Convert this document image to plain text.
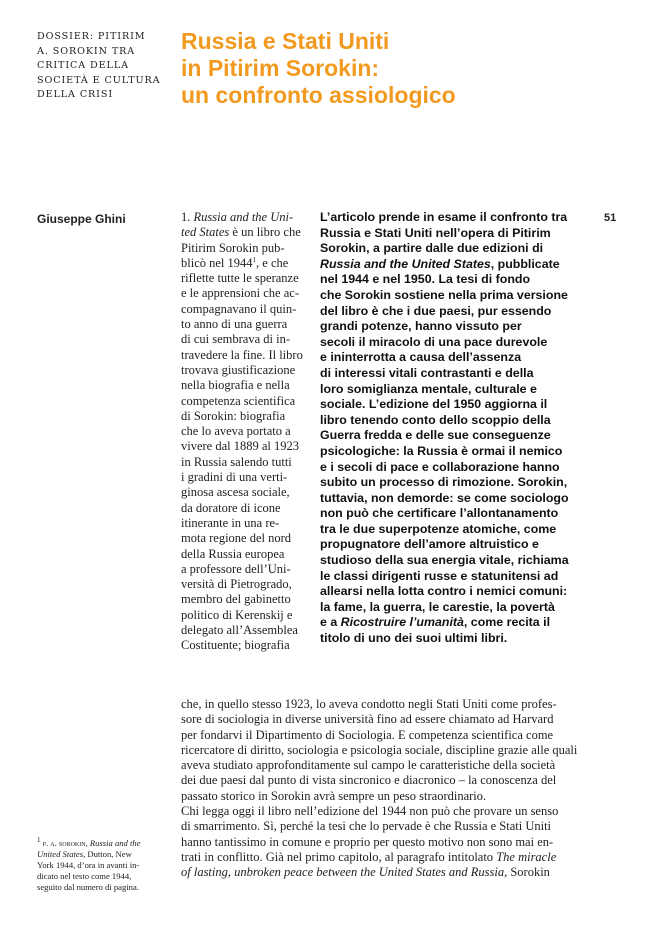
DOSSIER: PITIRIM
A. SOROKIN TRA
CRITICA DELLA
SOCIETÀ E CULTURA
DELLA CRISI
Russia e Stati Uniti
in Pitirim Sorokin:
un confronto assiologico
Giuseppe Ghini	51
1. Russia and the Uni-
ted States è un libro che
Pitirim Sorokin pub-
blicò nel 1944$^1$, e che
riflette tutte le speranze
e le apprensioni che ac-
compagnavano il quin-
to anno di una guerra
di cui sembrava di in-
travedere la fine. Il libro
trovava giustificazione
nella biografia e nella
competenza scientifica
di Sorokin: biografia
che lo aveva portato a
vivere dal 1889 al 1923
in Russia salendo tutti
i gradini di una verti-
ginosa ascesa sociale,
da doratore di icone
itinerante in una re-
mota regione del nord
della Russia europea
a professore dell’Uni-
versità di Pietrogrado,
membro del gabinetto
politico di Kerenskij e
delegato all’Assemblea
Costituente; biografia
L’articolo prende in esame il confronto tra
Russia e Stati Uniti nell’opera di Pitirim
Sorokin, a partire dalle due edizioni di
Russia and the United States, pubblicate
nel 1944 e nel 1950. La tesi di fondo
che Sorokin sostiene nella prima versione
del libro è che i due paesi, pur essendo
grandi potenze, hanno vissuto per
secoli il miracolo di una pace durevole
e ininterrotta a causa dell’assenza
di interessi vitali contrastanti e della
loro somiglianza mentale, culturale e
sociale. L’edizione del 1950 aggiorna il
libro tenendo conto dello scoppio della
Guerra fredda e delle sue conseguenze
psicologiche: la Russia è ormai il nemico
e i secoli di pace e collaborazione hanno
subito un processo di rimozione. Sorokin,
tuttavia, non demorde: se come sociologo
non può che certificare l’allontanamento
tra le due superpotenze atomiche, come
propugnatore dell’amore altruistico e
studioso della sua energia vitale, richiama
le classi dirigenti russe e statunitensi ad
allearsi nella lotta contro i nemici comuni:
la fame, la guerra, le carestie, la povertà
e a Ricostruire l’umanità, come recita il
titolo di uno dei suoi ultimi libri.
che, in quello stesso 1923, lo aveva condotto negli Stati Uniti come profes-
sore di sociologia in diverse università fino ad essere chiamato ad Harvard
per fondarvi il Dipartimento di Sociologia. E competenza scientifica come
ricercatore di diritto, sociologia e psicologia sociale, discipline grazie alle quali
aveva studiato approfonditamente sul campo le caratteristiche della società
dei due paesi dal punto di vista sincronico e diacronico – la conoscenza del
passato storico in Sorokin avrà sempre un peso straordinario.
Chi legga oggi il libro nell’edizione del 1944 non può che provare un senso
di smarrimento. Sì, perché la tesi che lo pervade è che Russia e Stati Uniti
hanno tantissimo in comune e proprio per questo motivo non sono mai en-
trati in conflitto. Già nel primo capitolo, al paragrafo intitolato The miracle
of lasting, unbroken peace between the United States and Russia, Sorokin
$^1$ p. a. sorokin, Russia and the
United States, Dutton, New
York 1944, d’ora in avanti in-
dicato nel testo come 1944,
seguito dal numero di pagina.
